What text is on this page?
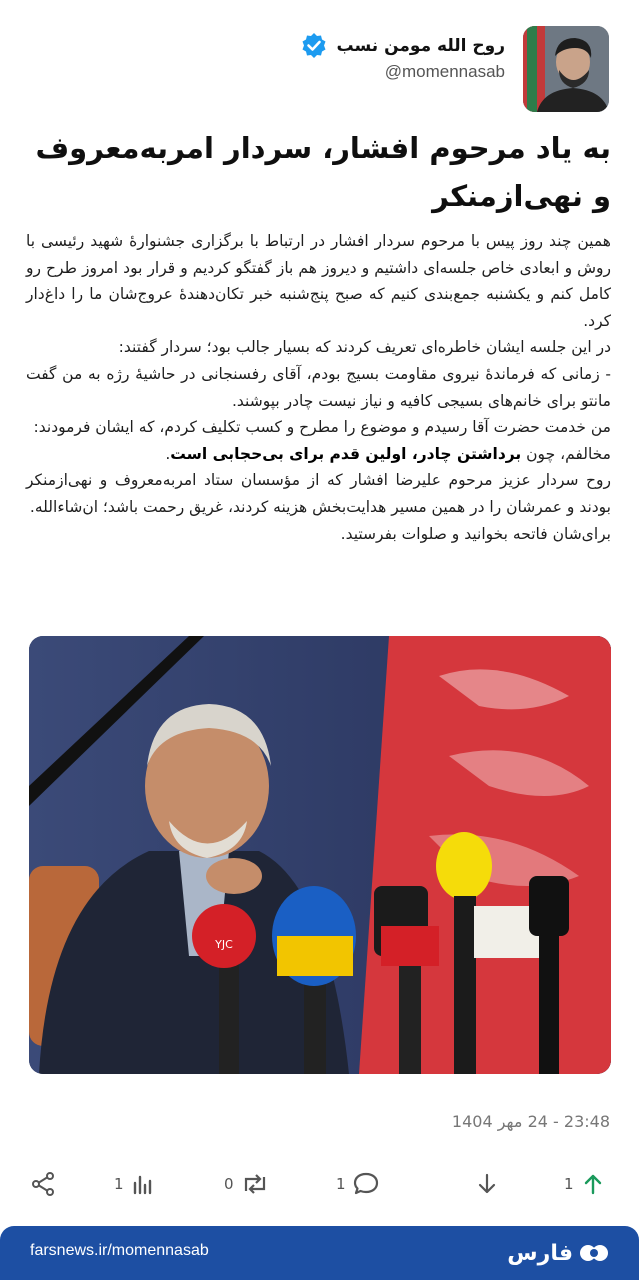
روح الله مومن نسب
@momennasab
به یاد مرحوم افشار، سردار امربه‌معروف و نهی‌ازمنکر

همین چند روز پیس با مرحوم سردار افشار در ارتباط با برگزاری جشنوارهٔ شهید رئیسی با روش و ابعادی خاص جلسه‌ای داشتیم و دیروز هم باز گفتگو کردیم و قرار بود امروز طرح رو کامل کنم و یکشنبه جمع‌بندی کنیم که صبح پنج‌شنبه خبر تکان‌دهندهٔ عروج‌شان ما را داغ‌دار کرد.

در این جلسه ایشان خاطره‌ای تعریف کردند که بسیار جالب بود؛ سردار گفتند:

- زمانی که فرماندهٔ نیروی مقاومت بسیج بودم، آقای رفسنجانی در حاشیهٔ رژه به من گفت مانتو برای خانم‌های بسیجی کافیه و نیاز نیست چادر بپوشند.

من خدمت حضرت آقا رسیدم و موضوع را مطرح و کسب تکلیف کردم، که ایشان فرمودند:

مخالفم، چون برداشتن چادر، اولین قدم برای بی‌حجابی است.

روح سردار عزیز مرحوم علیرضا افشار که از مؤسسان ستاد امربه‌معروف و نهی‌ازمنکر بودند و عمرشان را در همین مسیر هدایت‌بخش هزینه کردند، غریق رحمت باشد؛ ان‌شاءالله.

برای‌شان فاتحه بخوانید و صلوات بفرستید.

YJC
23:48 - 24 مهر 1404
1	0	1	1
farsnews.ir/momennasab	فارس
